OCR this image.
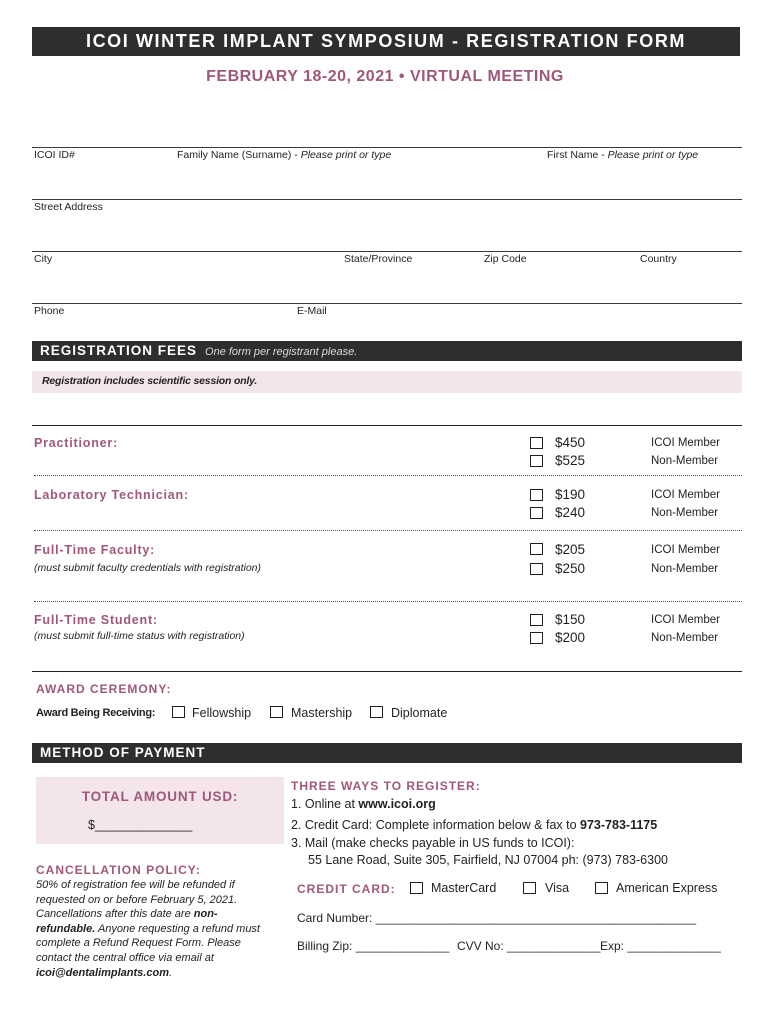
ICOI WINTER IMPLANT SYMPOSIUM - REGISTRATION FORM
FEBRUARY 18-20, 2021 • VIRTUAL MEETING
ICOI ID#	Family Name (Surname) - Please print or type	First Name - Please print or type
Street Address
City	State/Province	Zip Code	Country
Phone	E-Mail
REGISTRATION FEES One form per registrant please.
Registration includes scientific session only.
Practitioner:	$450	ICOI Member
$525	Non-Member
Laboratory Technician:	$190	ICOI Member
$240	Non-Member
Full-Time Faculty:
(must submit faculty credentials with registration)
$205	ICOI Member
$250	Non-Member
Full-Time Student:
(must submit full-time status with registration)
$150	ICOI Member
$200	Non-Member
AWARD CEREMONY:
Award Being Receiving:	Fellowship	Mastership	Diplomate
METHOD OF PAYMENT
TOTAL AMOUNT USD:
$______________
THREE WAYS TO REGISTER:
1. Online at www.icoi.org
2. Credit Card: Complete information below & fax to 973-783-1175
3. Mail (make checks payable in US funds to ICOI):
55 Lane Road, Suite 305, Fairfield, NJ 07004 ph: (973) 783-6300
CANCELLATION POLICY:
50% of registration fee will be refunded if requested on or before February 5, 2021. Cancellations after this date are non-refundable. Anyone requesting a refund must complete a Refund Request Form. Please contact the central office via email at icoi@dentalimplants.com.
CREDIT CARD:	MasterCard	Visa	American Express
Card Number: ________________________________________________
Billing Zip: ______________ CVV No: ______________ Exp: ______________
